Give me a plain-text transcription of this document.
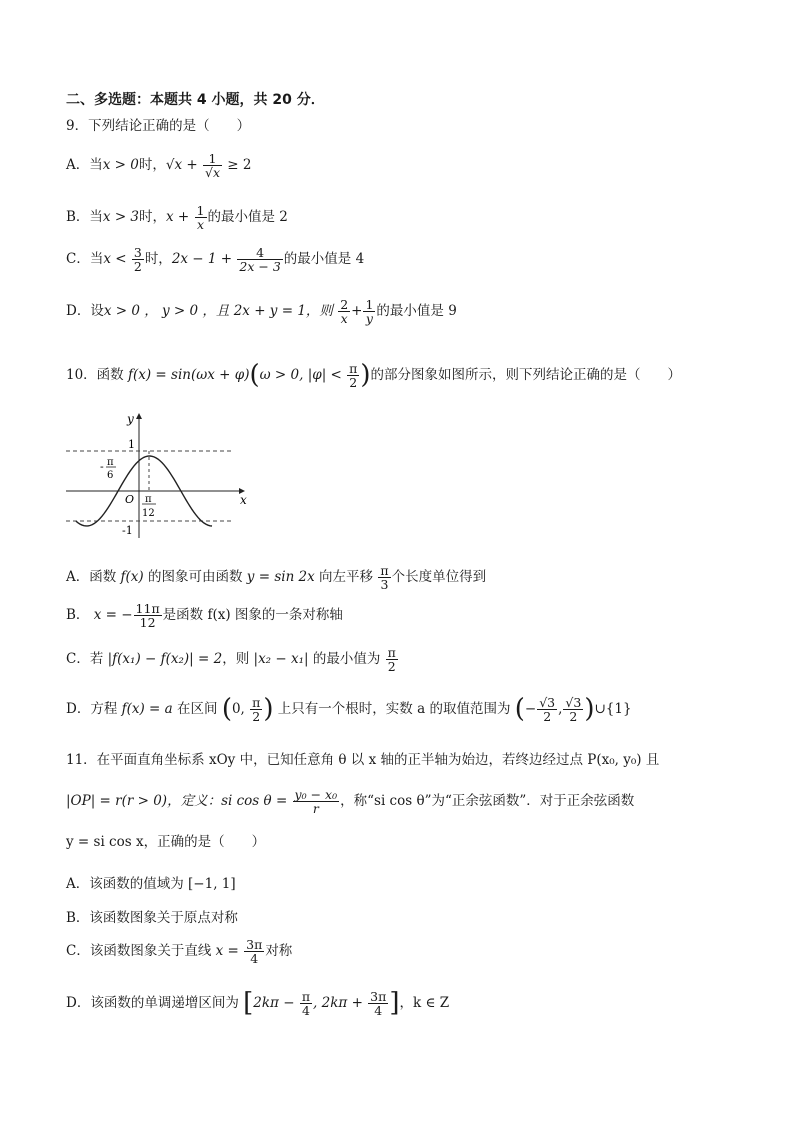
二、多选题：本题共 4 小题，共 20 分．
9．下列结论正确的是（　　）
A．当x > 0时，$√x + \frac{1}{√x} \ge 2$
B．当x > 3时，$x + \frac{1}{x}$ 的最小值是 2
C．当$x < \frac{3}{2}$ 时，$2x - 1 + \frac{4}{2x - 3}$ 的最小值是 4
D．设x > 0 ， y > 0 ，且 2x + y = 1，则 $\frac{2}{x} + \frac{1}{y}$ 的最小值是 9
10．函数 f(x) = sin(ωx + φ)(ω > 0, $|\varphi| < \frac{\pi}{2}$ )的部分图象如图所示，则下列结论正确的是（　　）
y
x
O
1
-1
- π
6
π
12
A．函数 f(x) 的图象可由函数 y = sin 2x 向左平移 $\frac{\pi}{3}$ 个长度单位得到
B． x = − $\frac{11\pi}{12}$ 是函数 f(x) 图象的一条对称轴
C．若 |f(x₁) − f(x₂)| = 2，则 |x₂ − x₁| 的最小值为 $\frac{\pi}{2}$
D．方程 f(x) = a 在区间 (0, $\frac{\pi}{2}$ ) 上只有一个根时，实数 a 的取值范围为 (− $\frac{√3}{2}$ , $\frac{√3}{2}$ )∪{1}
11．在平面直角坐标系 xOy 中，已知任意角 θ 以 x 轴的正半轴为始边，若终边经过点 P(x₀, y₀) 且
|OP| = r(r > 0)，定义：si $\cos \theta = \frac{\text{y₀ − x₀}}{r}$ ，称“si cos θ”为“正余弦函数”．对于正余弦函数
y = si cos x，正确的是（　　）
A．该函数的值域为 [−1, 1]
B．该函数图象关于原点对称
C．该函数图象关于直线 $x = \frac{3\pi}{4}$ 对称
D．该函数的单调递增区间为 [$2k\pi - \frac{\pi}{4}$ , $2k\pi + \frac{3\pi}{4}$ ]，k ∈ Z
